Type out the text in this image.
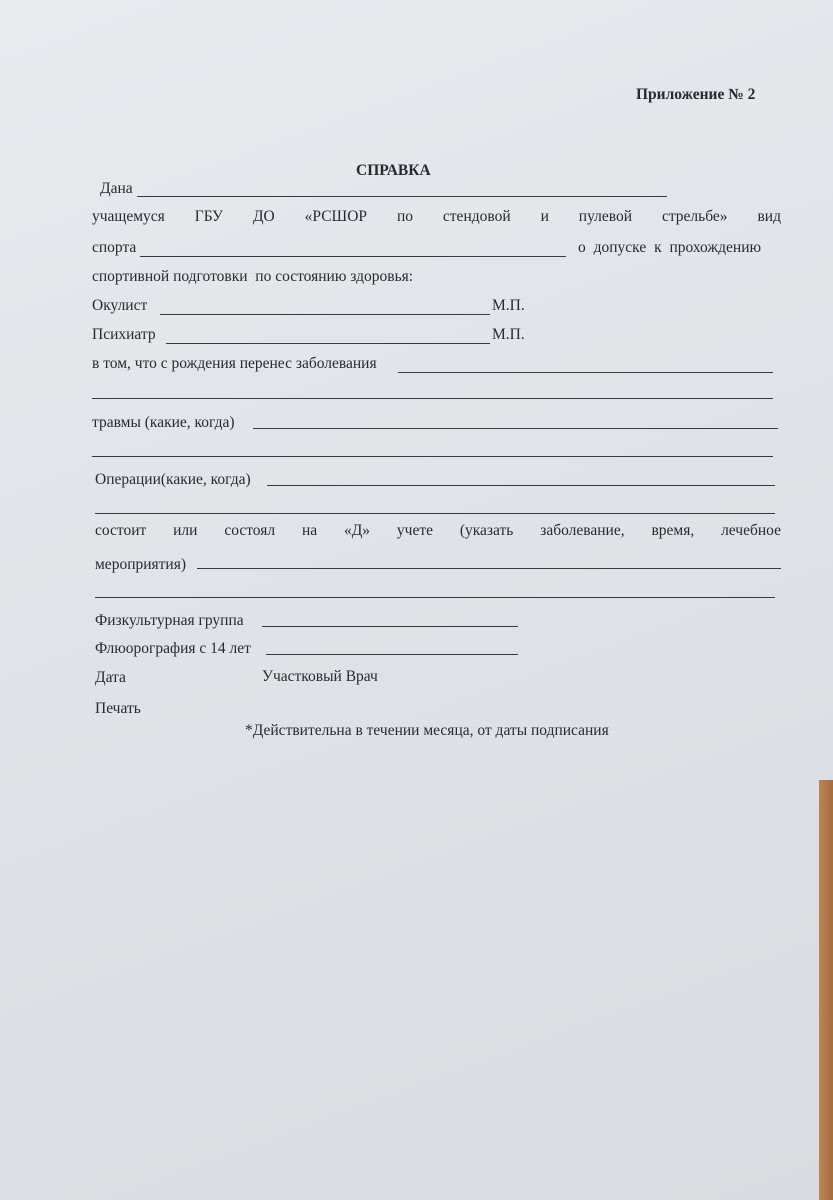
Приложение № 2
СПРАВКА
Дана
учащемуся ГБУ ДО «РСШОР по стендовой и пулевой стрельбе» вид
спорта	о допуске к прохождению
спортивной подготовки  по состоянию здоровья:
Окулист	М.П.
Психиатр	М.П.
в том, что с рождения перенес заболевания
травмы (какие, когда)
Операции(какие, когда)
состоит или состоял на «Д» учете (указать заболевание, время, лечебное
мероприятия)
Физкультурная группа
Флюорография с 14 лет
Дата	Участковый Врач
Печать
*Действительна в течении месяца, от даты подписания
